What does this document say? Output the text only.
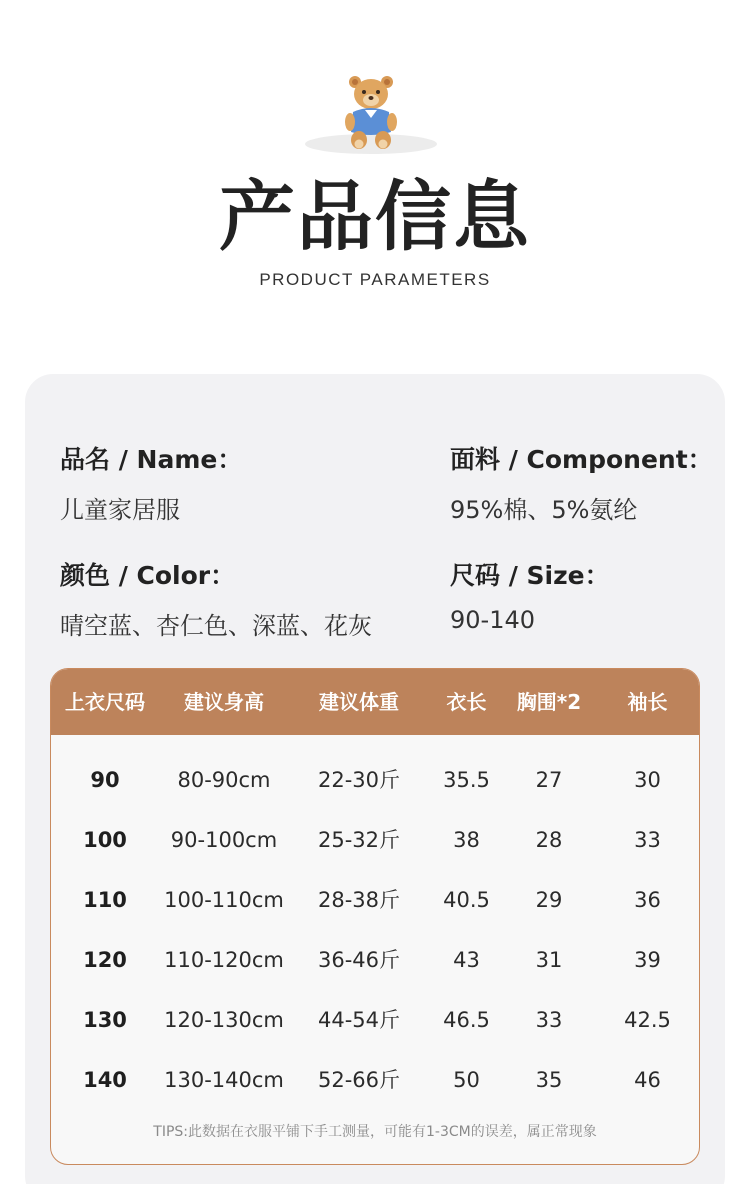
产品信息
PRODUCT PARAMETERS
品名 / Name：
儿童家居服
面料 / Component：
95%棉、5%氨纶
颜色 / Color：
晴空蓝、杏仁色、深蓝、花灰
尺码 / Size：
90-140
上衣尺码	建议身高	建议体重	衣长	胸围*2	袖长
90	80-90cm	22-30斤	35.5	27	30
100	90-100cm	25-32斤	38	28	33
110	100-110cm	28-38斤	40.5	29	36
120	110-120cm	36-46斤	43	31	39
130	120-130cm	44-54斤	46.5	33	42.5
140	130-140cm	52-66斤	50	35	46
TIPS:此数据在衣服平铺下手工测量，可能有1-3CM的误差，属正常现象
